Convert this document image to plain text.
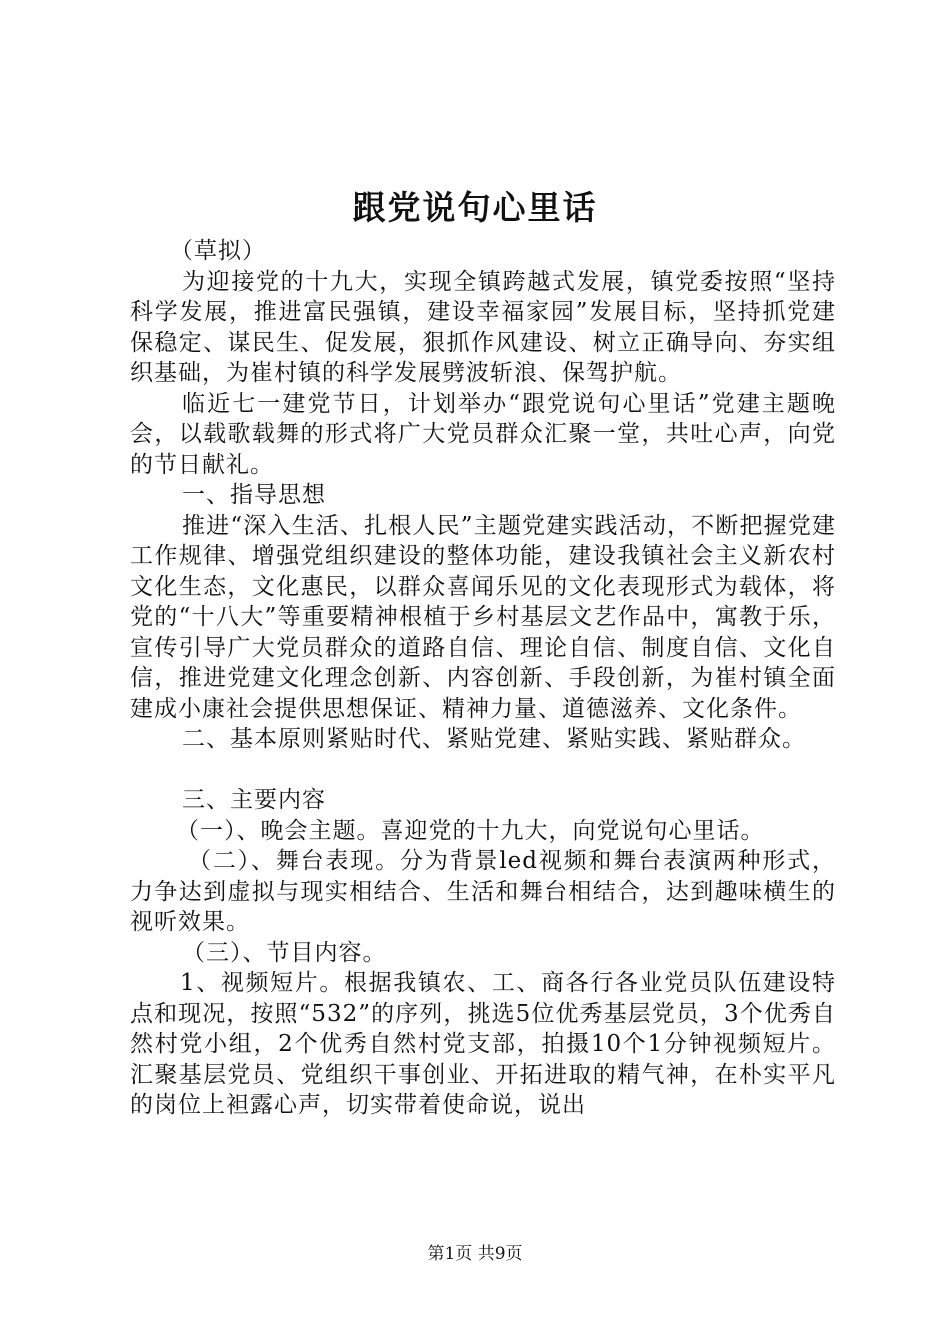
跟党说句心里话

（草拟）

为迎接党的十九大，实现全镇跨越式发展，镇党委按照“坚持科学发展，推进富民强镇，建设幸福家园”发展目标，坚持抓党建保稳定、谋民生、促发展，狠抓作风建设、树立正确导向、夯实组织基础，为崔村镇的科学发展劈波斩浪、保驾护航。

临近七一建党节日，计划举办“跟党说句心里话”党建主题晚会，以载歌载舞的形式将广大党员群众汇聚一堂，共吐心声，向党的节日献礼。

一、指导思想

推进“深入生活、扎根人民”主题党建实践活动，不断把握党建工作规律、增强党组织建设的整体功能，建设我镇社会主义新农村文化生态，文化惠民，以群众喜闻乐见的文化表现形式为载体，将党的“十八大”等重要精神根植于乡村基层文艺作品中，寓教于乐，宣传引导广大党员群众的道路自信、理论自信、制度自信、文化自信，推进党建文化理念创新、内容创新、手段创新，为崔村镇全面建成小康社会提供思想保证、精神力量、道德滋养、文化条件。

二、基本原则紧贴时代、紧贴党建、紧贴实践、紧贴群众。

三、主要内容

（一）、晚会主题。喜迎党的十九大，向党说句心里话。

（二）、舞台表现。分为背景led视频和舞台表演两种形式，力争达到虚拟与现实相结合、生活和舞台相结合，达到趣味横生的视听效果。

（三）、节目内容。

1、视频短片。根据我镇农、工、商各行各业党员队伍建设特点和现况，按照“532”的序列，挑选5位优秀基层党员，3个优秀自然村党小组，2个优秀自然村党支部，拍摄10个1分钟视频短片。汇聚基层党员、党组织干事创业、开拓进取的精气神，在朴实平凡的岗位上袒露心声，切实带着使命说，说出

第1页 共9页
